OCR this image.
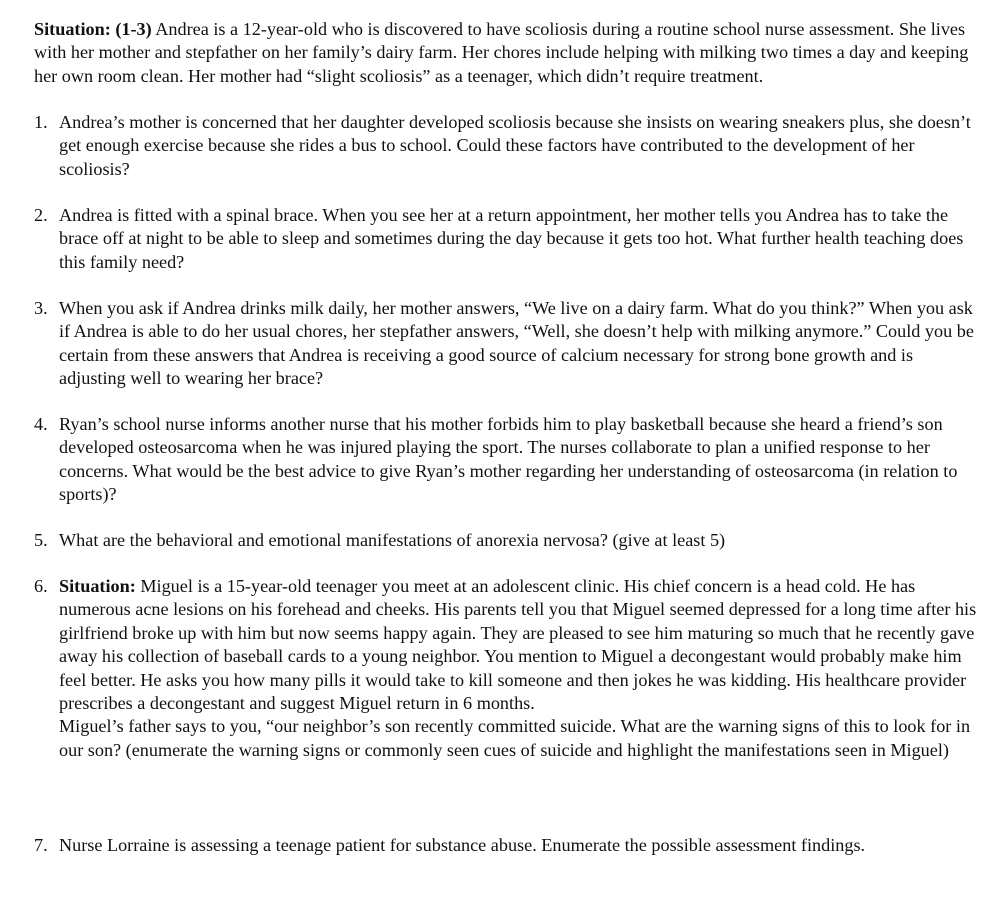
Situation: (1-3) Andrea is a 12-year-old who is discovered to have scoliosis during a routine school nurse assessment. She lives with her mother and stepfather on her family’s dairy farm. Her chores include helping with milking two times a day and keeping her own room clean. Her mother had “slight scoliosis” as a teenager, which didn’t require treatment.
1. Andrea’s mother is concerned that her daughter developed scoliosis because she insists on wearing sneakers plus, she doesn’t get enough exercise because she rides a bus to school. Could these factors have contributed to the development of her scoliosis?
2. Andrea is fitted with a spinal brace. When you see her at a return appointment, her mother tells you Andrea has to take the brace off at night to be able to sleep and sometimes during the day because it gets too hot. What further health teaching does this family need?
3. When you ask if Andrea drinks milk daily, her mother answers, “We live on a dairy farm. What do you think?” When you ask if Andrea is able to do her usual chores, her stepfather answers, “Well, she doesn’t help with milking anymore.” Could you be certain from these answers that Andrea is receiving a good source of calcium necessary for strong bone growth and is adjusting well to wearing her brace?
4. Ryan’s school nurse informs another nurse that his mother forbids him to play basketball because she heard a friend’s son developed osteosarcoma when he was injured playing the sport. The nurses collaborate to plan a unified response to her concerns. What would be the best advice to give Ryan’s mother regarding her understanding of osteosarcoma (in relation to sports)?
5. What are the behavioral and emotional manifestations of anorexia nervosa? (give at least 5)
6. Situation: Miguel is a 15-year-old teenager you meet at an adolescent clinic. His chief concern is a head cold. He has numerous acne lesions on his forehead and cheeks. His parents tell you that Miguel seemed depressed for a long time after his girlfriend broke up with him but now seems happy again. They are pleased to see him maturing so much that he recently gave away his collection of baseball cards to a young neighbor. You mention to Miguel a decongestant would probably make him feel better. He asks you how many pills it would take to kill someone and then jokes he was kidding. His healthcare provider prescribes a decongestant and suggest Miguel return in 6 months.
Miguel’s father says to you, “our neighbor’s son recently committed suicide. What are the warning signs of this to look for in our son? (enumerate the warning signs or commonly seen cues of suicide and highlight the manifestations seen in Miguel)
7. Nurse Lorraine is assessing a teenage patient for substance abuse. Enumerate the possible assessment findings.
